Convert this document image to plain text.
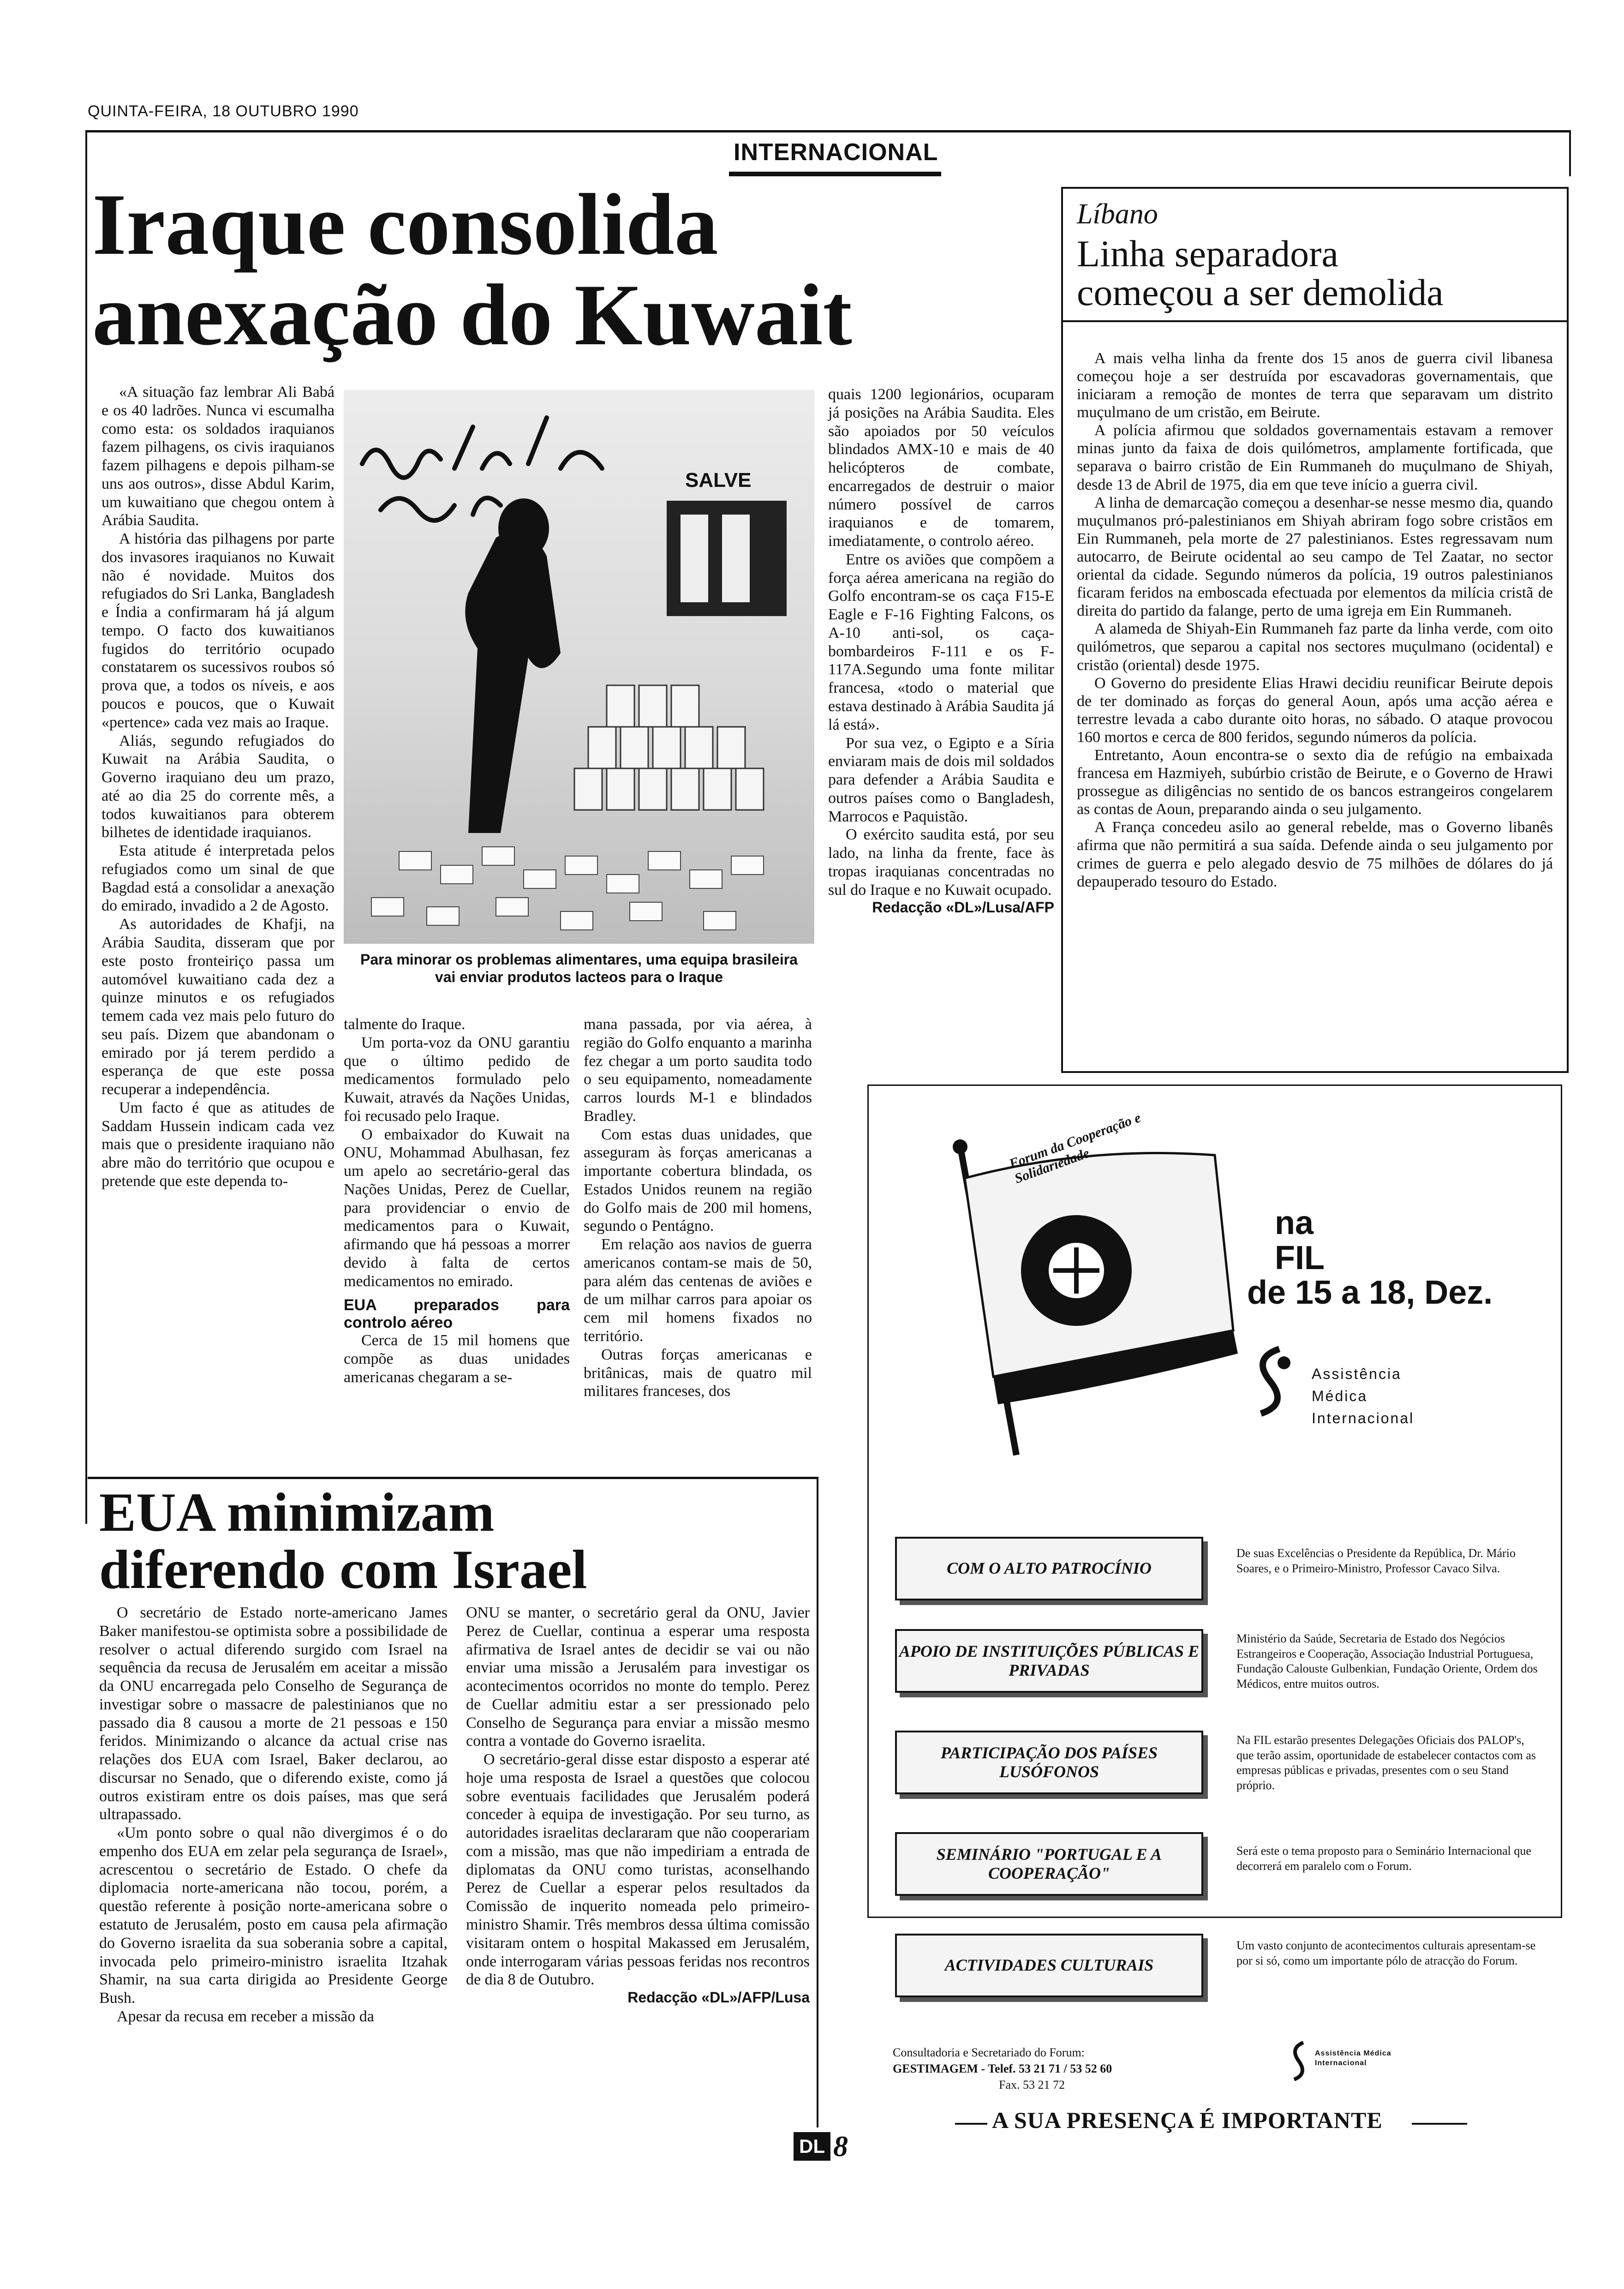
QUINTA-FEIRA, 18 OUTUBRO 1990
INTERNACIONAL
Iraque consolida
anexação do Kuwait

«A situação faz lembrar Ali Babá e os 40 ladrões. Nunca vi escumalha como esta: os soldados iraquianos fazem pilhagens, os civis iraquianos fazem pilhagens e depois pilham-se uns aos outros», disse Abdul Karim, um kuwaitiano que chegou ontem à Arábia Saudita.

A história das pilhagens por parte dos invasores iraquianos no Kuwait não é novidade. Muitos dos refugiados do Sri Lanka, Bangladesh e Índia a confirmaram há já algum tempo. O facto dos kuwaitianos fugidos do território ocupado constatarem os sucessivos roubos só prova que, a todos os níveis, e aos poucos e poucos, que o Kuwait «pertence» cada vez mais ao Iraque.

Aliás, segundo refugiados do Kuwait na Arábia Saudita, o Governo iraquiano deu um prazo, até ao dia 25 do corrente mês, a todos kuwaitianos para obterem bilhetes de identidade iraquianos.

Esta atitude é interpretada pelos refugiados como um sinal de que Bagdad está a consolidar a anexação do emirado, invadido a 2 de Agosto.

As autoridades de Khafji, na Arábia Saudita, disseram que por este posto fronteiriço passa um automóvel kuwaitiano cada dez a quinze minutos e os refugiados temem cada vez mais pelo futuro do seu país. Dizem que abandonam o emirado por já terem perdido a esperança de que este possa recuperar a independência.

Um facto é que as atitudes de Saddam Hussein indicam cada vez mais que o presidente iraquiano não abre mão do território que ocupou e pretende que este dependa to-

SALVE
Para minorar os problemas alimentares, uma equipa brasileira vai enviar produtos lacteos para o Iraque

talmente do Iraque.

Um porta-voz da ONU garantiu que o último pedido de medicamentos formulado pelo Kuwait, através da Nações Unidas, foi recusado pelo Iraque.

O embaixador do Kuwait na ONU, Mohammad Abulhasan, fez um apelo ao secretário-geral das Nações Unidas, Perez de Cuellar, para providenciar o envio de medicamentos para o Kuwait, afirmando que há pessoas a morrer devido à falta de certos medicamentos no emirado.

EUA preparados para controlo aéreo

Cerca de 15 mil homens que compõe as duas unidades americanas chegaram a se-

mana passada, por via aérea, à região do Golfo enquanto a marinha fez chegar a um porto saudita todo o seu equipamento, nomeadamente carros lourds M-1 e blindados Bradley.

Com estas duas unidades, que asseguram às forças americanas a importante cobertura blindada, os Estados Unidos reunem na região do Golfo mais de 200 mil homens, segundo o Pentágno.

Em relação aos navios de guerra americanos contam-se mais de 50, para além das centenas de aviões e de um milhar carros para apoiar os cem mil homens fixados no território.

Outras forças americanas e britânicas, mais de quatro mil militares franceses, dos

quais 1200 legionários, ocuparam já posições na Arábia Saudita. Eles são apoiados por 50 veículos blindados AMX-10 e mais de 40 helicópteros de combate, encarregados de destruir o maior número possível de carros iraquianos e de tomarem, imediatamente, o controlo aéreo.

Entre os aviões que compõem a força aérea americana na região do Golfo encontram-se os caça F15-E Eagle e F-16 Fighting Falcons, os A-10 anti-sol, os caça-bombardeiros F-111 e os F-117A.Segundo uma fonte militar francesa, «todo o material que estava destinado à Arábia Saudita já lá está».

Por sua vez, o Egipto e a Síria enviaram mais de dois mil soldados para defender a Arábia Saudita e outros países como o Bangladesh, Marrocos e Paquistão.

O exército saudita está, por seu lado, na linha da frente, face às tropas iraquianas concentradas no sul do Iraque e no Kuwait ocupado.

Redacção «DL»/Lusa/AFP

Líbano
Linha separadora
começou a ser demolida

A mais velha linha da frente dos 15 anos de guerra civil libanesa começou hoje a ser destruída por escavadoras governamentais, que iniciaram a remoção de montes de terra que separavam um distrito muçulmano de um cristão, em Beirute.

A polícia afirmou que soldados governamentais estavam a remover minas junto da faixa de dois quilómetros, amplamente fortificada, que separava o bairro cristão de Ein Rummaneh do muçulmano de Shiyah, desde 13 de Abril de 1975, dia em que teve início a guerra civil.

A linha de demarcação começou a desenhar-se nesse mesmo dia, quando muçulmanos pró-palestinianos em Shiyah abriram fogo sobre cristãos em Ein Rummaneh, pela morte de 27 palestinianos. Estes regressavam num autocarro, de Beirute ocidental ao seu campo de Tel Zaatar, no sector oriental da cidade. Segundo números da polícia, 19 outros palestinianos ficaram feridos na emboscada efectuada por elementos da milícia cristã de direita do partido da falange, perto de uma igreja em Ein Rummaneh.

A alameda de Shiyah-Ein Rummaneh faz parte da linha verde, com oito quilómetros, que separou a capital nos sectores muçulmano (ocidental) e cristão (oriental) desde 1975.

O Governo do presidente Elias Hrawi decidiu reunificar Beirute depois de ter dominado as forças do general Aoun, após uma acção aérea e terrestre levada a cabo durante oito horas, no sábado. O ataque provocou 160 mortos e cerca de 800 feridos, segundo números da polícia.

Entretanto, Aoun encontra-se o sexto dia de refúgio na embaixada francesa em Hazmiyeh, subúrbio cristão de Beirute, e o Governo de Hrawi prossegue as diligências no sentido de os bancos estrangeiros congelarem as contas de Aoun, preparando ainda o seu julgamento.

A França concedeu asilo ao general rebelde, mas o Governo libanês afirma que não permitirá a sua saída. Defende ainda o seu julgamento por crimes de guerra e pelo alegado desvio de 75 milhões de dólares do já depauperado tesouro do Estado.

EUA minimizam
diferendo com Israel

O secretário de Estado norte-americano James Baker manifestou-se optimista sobre a possibilidade de resolver o actual diferendo surgido com Israel na sequência da recusa de Jerusalém em aceitar a missão da ONU encarregada pelo Conselho de Segurança de investigar sobre o massacre de palestinianos que no passado dia 8 causou a morte de 21 pessoas e 150 feridos. Minimizando o alcance da actual crise nas relações dos EUA com Israel, Baker declarou, ao discursar no Senado, que o diferendo existe, como já outros existiram entre os dois países, mas que será ultrapassado.

«Um ponto sobre o qual não divergimos é o do empenho dos EUA em zelar pela segurança de Israel», acrescentou o secretário de Estado. O chefe da diplomacia norte-americana não tocou, porém, a questão referente à posição norte-americana sobre o estatuto de Jerusalém, posto em causa pela afirmação do Governo israelita da sua soberania sobre a capital, invocada pelo primeiro-ministro israelita Itzahak Shamir, na sua carta dirigida ao Presidente George Bush.

Apesar da recusa em receber a missão da

ONU se manter, o secretário geral da ONU, Javier Perez de Cuellar, continua a esperar uma resposta afirmativa de Israel antes de decidir se vai ou não enviar uma missão a Jerusalém para investigar os acontecimentos ocorridos no monte do templo. Perez de Cuellar admitiu estar a ser pressionado pelo Conselho de Segurança para enviar a missão mesmo contra a vontade do Governo israelita.

O secretário-geral disse estar disposto a esperar até hoje uma resposta de Israel a questões que colocou sobre eventuais facilidades que Jerusalém poderá conceder à equipa de investigação. Por seu turno, as autoridades israelitas declararam que não cooperariam com a missão, mas que não impediriam a entrada de diplomatas da ONU como turistas, aconselhando Perez de Cuellar a esperar pelos resultados da Comissão de inquerito nomeada pelo primeiro-ministro Shamir. Três membros dessa última comissão visitaram ontem o hospital Makassed em Jerusalém, onde interrogaram várias pessoas feridas nos recontros de dia 8 de Outubro.

Redacção «DL»/AFP/Lusa

Forum da Cooperação e Solidariedade
na
FIL
de 15 a 18, Dez.
Assistência
Médica
Internacional
COM O ALTO PATROCÍNIO
De suas Excelências o Presidente da República, Dr. Mário Soares, e o Primeiro-Ministro, Professor Cavaco Silva.
APOIO DE INSTITUIÇÕES PÚBLICAS E PRIVADAS
Ministério da Saúde, Secretaria de Estado dos Negócios Estrangeiros e Cooperação, Associação Industrial Portuguesa, Fundação Calouste Gulbenkian, Fundação Oriente, Ordem dos Médicos, entre muitos outros.
PARTICIPAÇÃO DOS PAÍSES LUSÓFONOS
Na FIL estarão presentes Delegações Oficiais dos PALOP's, que terão assim, oportunidade de estabelecer contactos com as empresas públicas e privadas, presentes com o seu Stand próprio.
SEMINÁRIO "PORTUGAL E A COOPERAÇÃO"
Será este o tema proposto para o Seminário Internacional que decorrerá em paralelo com o Forum.
ACTIVIDADES CULTURAIS
Um vasto conjunto de acontecimentos culturais apresentam-se por si só, como um importante pólo de atracção do Forum.
Consultadoria e Secretariado do Forum:
GESTIMAGEM - Telef. 53 21 71 / 53 52 60
Fax. 53 21 72
Assistência Médica Internacional
A SUA PRESENÇA É IMPORTANTE
DL 8
